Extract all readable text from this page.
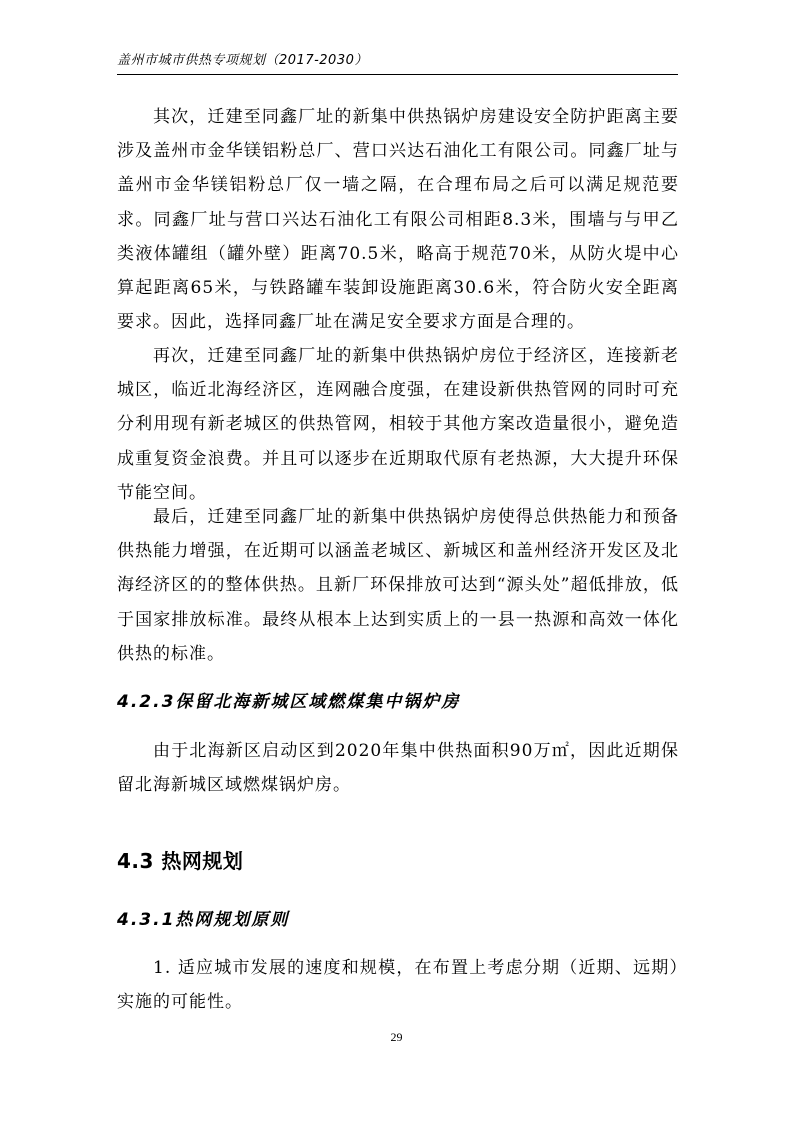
盖州市城市供热专项规划（2017-2030）

其次，迁建至同鑫厂址的新集中供热锅炉房建设安全防护距离主要涉及盖州市金华镁铝粉总厂、营口兴达石油化工有限公司。同鑫厂址与盖州市金华镁铝粉总厂仅一墙之隔，在合理布局之后可以满足规范要求。同鑫厂址与营口兴达石油化工有限公司相距8.3米，围墙与与甲乙类液体罐组（罐外壁）距离70.5米，略高于规范70米，从防火堤中心算起距离65米，与铁路罐车装卸设施距离30.6米，符合防火安全距离要求。因此，选择同鑫厂址在满足安全要求方面是合理的。

再次，迁建至同鑫厂址的新集中供热锅炉房位于经济区，连接新老城区，临近北海经济区，连网融合度强，在建设新供热管网的同时可充分利用现有新老城区的供热管网，相较于其他方案改造量很小，避免造成重复资金浪费。并且可以逐步在近期取代原有老热源，大大提升环保节能空间。

最后，迁建至同鑫厂址的新集中供热锅炉房使得总供热能力和预备供热能力增强，在近期可以涵盖老城区、新城区和盖州经济开发区及北海经济区的的整体供热。且新厂环保排放可达到“源头处”超低排放，低于国家排放标准。最终从根本上达到实质上的一县一热源和高效一体化供热的标准。

4.2.3保留北海新城区域燃煤集中锅炉房

由于北海新区启动区到2020年集中供热面积90万㎡，因此近期保留北海新城区域燃煤锅炉房。

4.3 热网规划
4.3.1热网规划原则

1. 适应城市发展的速度和规模，在布置上考虑分期（近期、远期）实施的可能性。

29
